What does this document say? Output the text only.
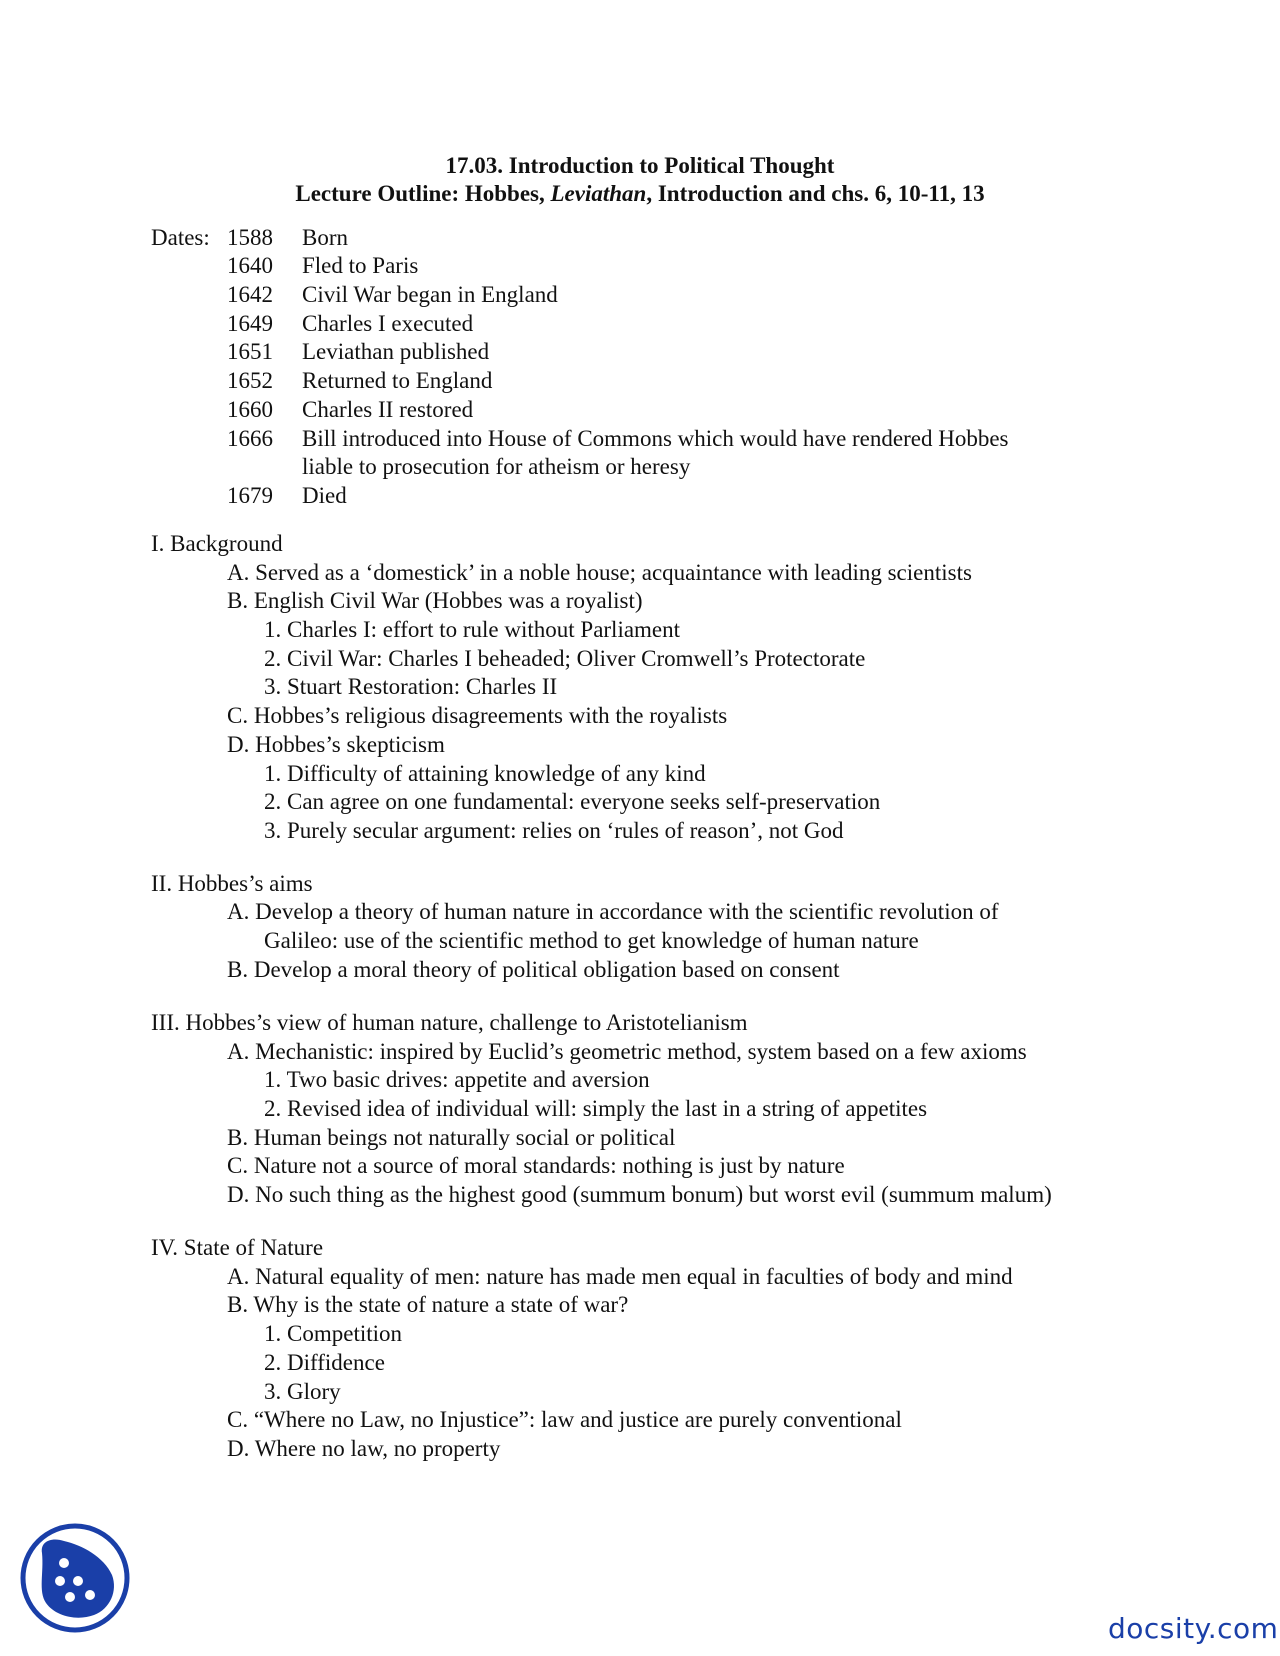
17.03. Introduction to Political Thought
Lecture Outline: Hobbes, Leviathan, Introduction and chs. 6, 10-11, 13
Dates: 1588 Born
1640 Fled to Paris
1642 Civil War began in England
1649 Charles I executed
1651 Leviathan published
1652 Returned to England
1660 Charles II restored
1666 Bill introduced into House of Commons which would have rendered Hobbes
liable to prosecution for atheism or heresy
1679 Died
I. Background
A. Served as a ‘domestick’ in a noble house; acquaintance with leading scientists
B. English Civil War (Hobbes was a royalist)
1. Charles I: effort to rule without Parliament
2. Civil War: Charles I beheaded; Oliver Cromwell’s Protectorate
3. Stuart Restoration: Charles II
C. Hobbes’s religious disagreements with the royalists
D. Hobbes’s skepticism
1. Difficulty of attaining knowledge of any kind
2. Can agree on one fundamental: everyone seeks self-preservation
3. Purely secular argument: relies on ‘rules of reason’, not God
II. Hobbes’s aims
A. Develop a theory of human nature in accordance with the scientific revolution of
Galileo: use of the scientific method to get knowledge of human nature
B. Develop a moral theory of political obligation based on consent
III. Hobbes’s view of human nature, challenge to Aristotelianism
A. Mechanistic: inspired by Euclid’s geometric method, system based on a few axioms
1. Two basic drives: appetite and aversion
2. Revised idea of individual will: simply the last in a string of appetites
B. Human beings not naturally social or political
C. Nature not a source of moral standards: nothing is just by nature
D. No such thing as the highest good (summum bonum) but worst evil (summum malum)
IV. State of Nature
A. Natural equality of men: nature has made men equal in faculties of body and mind
B. Why is the state of nature a state of war?
1. Competition
2. Diffidence
3. Glory
C. “Where no Law, no Injustice”: law and justice are purely conventional
D. Where no law, no property
docsity.com
